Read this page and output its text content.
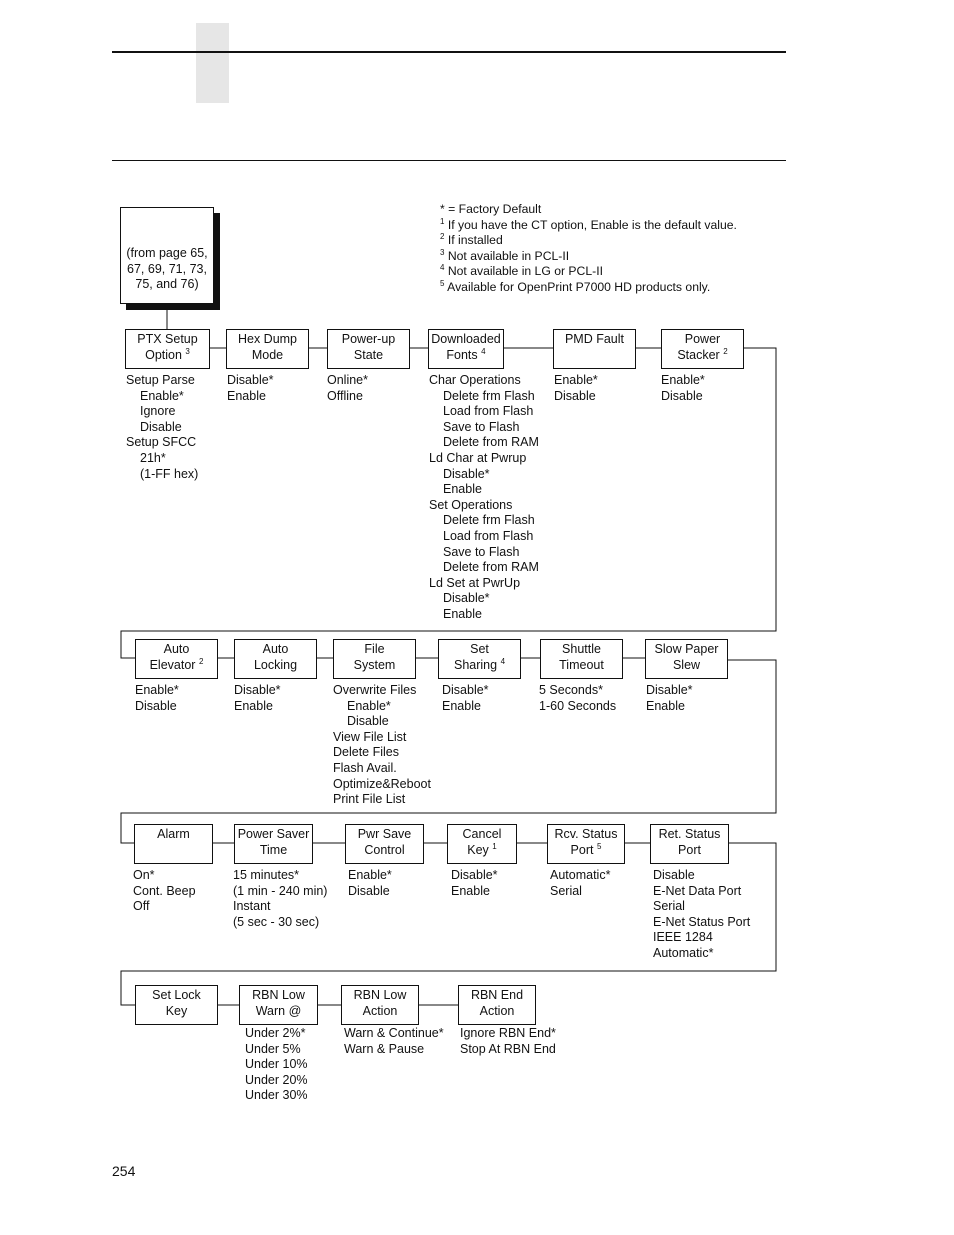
* = Factory Default
$^1$ If you have the CT option, Enable is the default value.
$^2$ If installed
$^3$ Not available in PCL-II
$^4$ Not available in LG or PCL-II
$^5$ Available for OpenPrint P7000 HD products only.
(from page 65,
67, 69, 71, 73,
75, and 76)
PTX Setup
Option $^3$
Setup Parse
Enable*
Ignore
Disable
Setup SFCC
21h*
(1-FF hex)
Hex Dump
Mode
Disable*
Enable
Power-up
State
Online*
Offline
Downloaded
Fonts $^4$
Char Operations
Delete frm Flash
Load from Flash
Save to Flash
Delete from RAM
Ld Char at Pwrup
Disable*
Enable
Set Operations
Delete frm Flash
Load from Flash
Save to Flash
Delete from RAM
Ld Set at PwrUp
Disable*
Enable
PMD Fault
Enable*
Disable
Power
Stacker $^2$
Enable*
Disable
Auto
Elevator $^2$
Enable*
Disable
Auto
Locking
Disable*
Enable
File
System
Overwrite Files
Enable*
Disable
View File List
Delete Files
Flash Avail.
Optimize&Reboot
Print File List
Set
Sharing $^4$
Disable*
Enable
Shuttle
Timeout
5 Seconds*
1-60 Seconds
Slow Paper
Slew
Disable*
Enable
Alarm
On*
Cont. Beep
Off
Power Saver
Time
15 minutes*
(1 min - 240 min)
Instant
(5 sec - 30 sec)
Pwr Save
Control
Enable*
Disable
Cancel
Key $^1$
Disable*
Enable
Rcv. Status
Port $^5$
Automatic*
Serial
Ret. Status
Port
Disable
E-Net Data Port
Serial
E-Net Status Port
IEEE 1284
Automatic*
Set Lock
Key
RBN Low
Warn @
Under 2%*
Under 5%
Under 10%
Under 20%
Under 30%
RBN Low
Action
Warn & Continue*
Warn & Pause
RBN End
Action
Ignore RBN End*
Stop At RBN End
254
